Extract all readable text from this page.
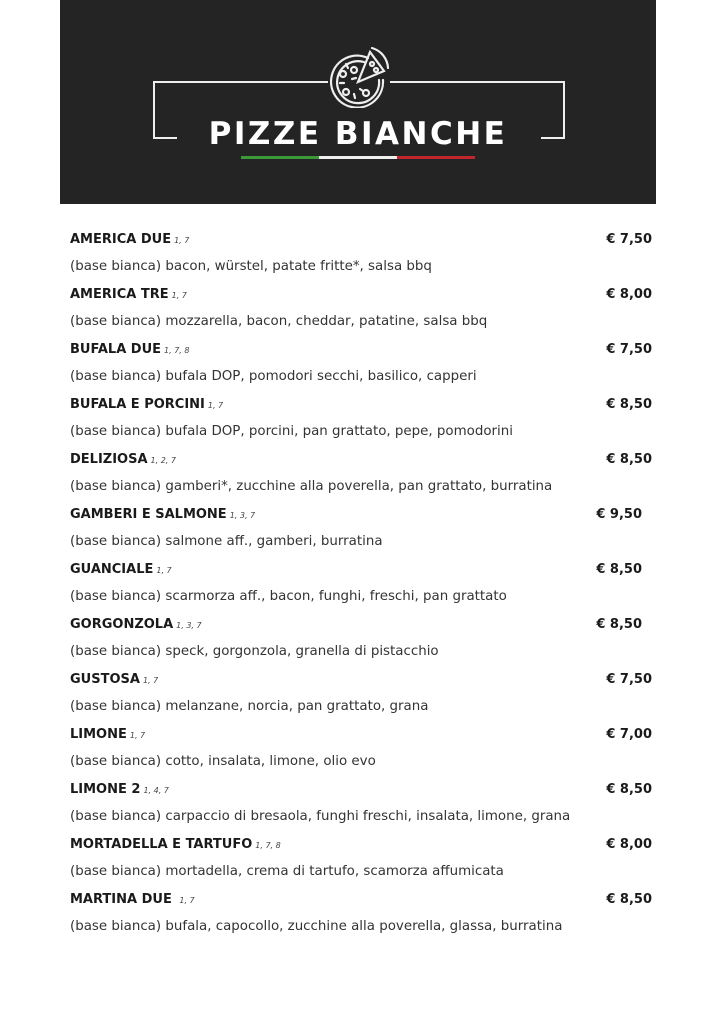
PIZZE BIANCHE
AMERICA DUE 1, 7	€ 7,50
(base bianca) bacon, würstel, patate fritte*, salsa bbq
AMERICA TRE 1, 7	€ 8,00
(base bianca) mozzarella, bacon, cheddar, patatine, salsa bbq
BUFALA DUE 1, 7, 8	€ 7,50
(base bianca) bufala DOP, pomodori secchi, basilico, capperi
BUFALA E PORCINI 1, 7	€ 8,50
(base bianca) bufala DOP, porcini, pan grattato, pepe, pomodorini
DELIZIOSA 1, 2, 7	€ 8,50
(base bianca) gamberi*, zucchine alla poverella, pan grattato, burratina
GAMBERI E SALMONE 1, 3, 7	€ 9,50
(base bianca) salmone aff., gamberi, burratina
GUANCIALE 1, 7	€ 8,50
(base bianca) scarmorza aff., bacon, funghi, freschi, pan grattato
GORGONZOLA 1, 3, 7	€ 8,50
(base bianca) speck, gorgonzola, granella di pistacchio
GUSTOSA 1, 7	€ 7,50
(base bianca) melanzane, norcia, pan grattato, grana
LIMONE 1, 7	€ 7,00
(base bianca) cotto, insalata, limone, olio evo
LIMONE 2 1, 4, 7	€ 8,50
(base bianca) carpaccio di bresaola, funghi freschi, insalata, limone, grana
MORTADELLA E TARTUFO 1, 7, 8	€ 8,00
(base bianca) mortadella, crema di tartufo, scamorza affumicata
MARTINA DUE 1, 7	€ 8,50
(base bianca) bufala, capocollo, zucchine alla poverella, glassa, burratina
